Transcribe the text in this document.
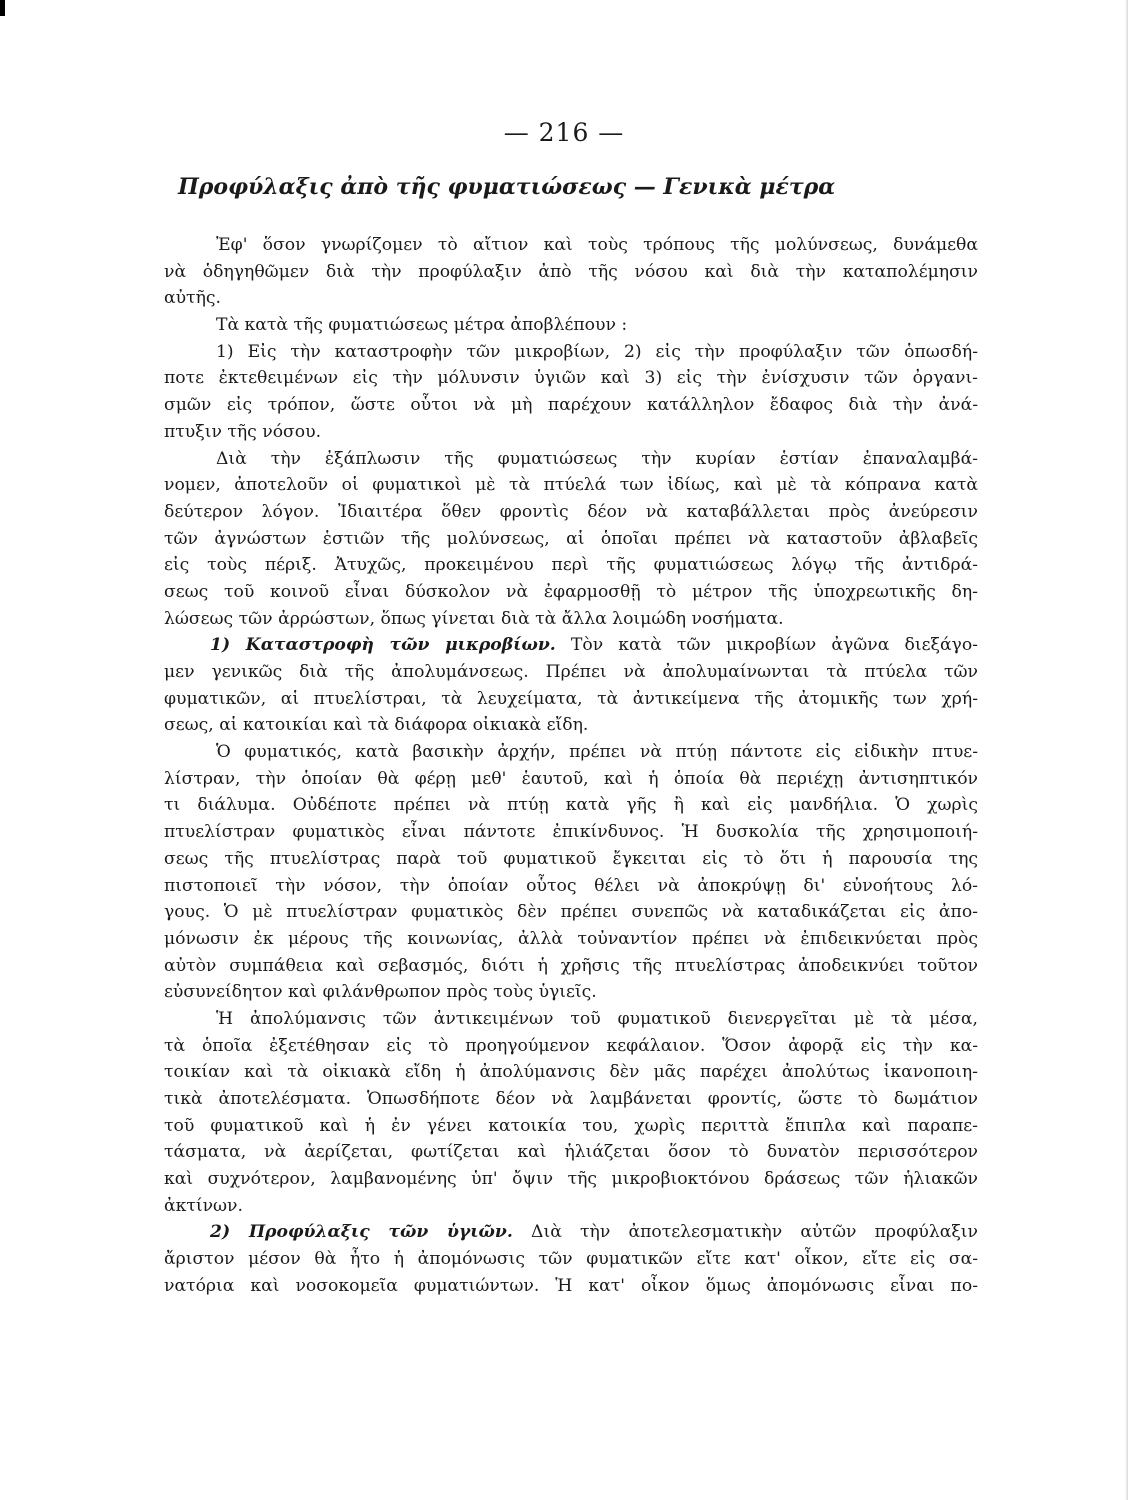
— 216 —
Προφύλαξις ἀπὸ τῆς φυματιώσεως — Γενικὰ μέτρα
Ἐφ' ὅσον γνωρίζομεν τὸ αἴτιον καὶ τοὺς τρόπους τῆς μολύνσεως, δυνάμεθα
νὰ ὁδηγηθῶμεν διὰ τὴν προφύλαξιν ἀπὸ τῆς νόσου καὶ διὰ τὴν καταπολέμησιν
αὐτῆς.
Τὰ κατὰ τῆς φυματιώσεως μέτρα ἀποβλέπουν :
1) Εἰς τὴν καταστροφὴν τῶν μικροβίων, 2) εἰς τὴν προφύλαξιν τῶν ὁπωσδή-
ποτε ἐκτεθειμένων εἰς τὴν μόλυνσιν ὑγιῶν καὶ 3) εἰς τὴν ἐνίσχυσιν τῶν ὀργανι-
σμῶν εἰς τρόπον, ὥστε οὗτοι νὰ μὴ παρέχουν κατάλληλον ἔδαφος διὰ τὴν ἀνά-
πτυξιν τῆς νόσου.
Διὰ τὴν ἐξάπλωσιν τῆς φυματιώσεως τὴν κυρίαν ἑστίαν ἐπαναλαμβά-
νομεν, ἀποτελοῦν οἱ φυματικοὶ μὲ τὰ πτύελά των ἰδίως, καὶ μὲ τὰ κόπρανα κατὰ
δεύτερον λόγον. Ἰδιαιτέρα ὅθεν φροντὶς δέον νὰ καταβάλλεται πρὸς ἀνεύρεσιν
τῶν ἀγνώστων ἑστιῶν τῆς μολύνσεως, αἱ ὁποῖαι πρέπει νὰ καταστοῦν ἀβλαβεῖς
εἰς τοὺς πέριξ. Ἀτυχῶς, προκειμένου περὶ τῆς φυματιώσεως λόγῳ τῆς ἀντιδρά-
σεως τοῦ κοινοῦ εἶναι δύσκολον νὰ ἐφαρμοσθῇ τὸ μέτρον τῆς ὑποχρεωτικῆς δη-
λώσεως τῶν ἀρρώστων, ὅπως γίνεται διὰ τὰ ἄλλα λοιμώδη νοσήματα.
1) Καταστροφὴ τῶν μικροβίων. Τὸν κατὰ τῶν μικροβίων ἀγῶνα διεξάγο-
μεν γενικῶς διὰ τῆς ἀπολυμάνσεως. Πρέπει νὰ ἀπολυμαίνωνται τὰ πτύελα τῶν
φυματικῶν, αἱ πτυελίστραι, τὰ λευχείματα, τὰ ἀντικείμενα τῆς ἀτομικῆς των χρή-
σεως, αἱ κατοικίαι καὶ τὰ διάφορα οἰκιακὰ εἴδη.
Ὁ φυματικός, κατὰ βασικὴν ἀρχήν, πρέπει νὰ πτύῃ πάντοτε εἰς εἰδικὴν πτυε-
λίστραν, τὴν ὁποίαν θὰ φέρῃ μεθ' ἑαυτοῦ, καὶ ἡ ὁποία θὰ περιέχῃ ἀντισηπτικόν
τι διάλυμα. Οὐδέποτε πρέπει νὰ πτύῃ κατὰ γῆς ἢ καὶ εἰς μανδήλια. Ὁ χωρὶς
πτυελίστραν φυματικὸς εἶναι πάντοτε ἐπικίνδυνος. Ἡ δυσκολία τῆς χρησιμοποιή-
σεως τῆς πτυελίστρας παρὰ τοῦ φυματικοῦ ἔγκειται εἰς τὸ ὅτι ἡ παρουσία της
πιστοποιεῖ τὴν νόσον, τὴν ὁποίαν οὗτος θέλει νὰ ἀποκρύψῃ δι' εὐνοήτους λό-
γους. Ὁ μὲ πτυελίστραν φυματικὸς δὲν πρέπει συνεπῶς νὰ καταδικάζεται εἰς ἀπο-
μόνωσιν ἐκ μέρους τῆς κοινωνίας, ἀλλὰ τοὐναντίον πρέπει νὰ ἐπιδεικνύεται πρὸς
αὐτὸν συμπάθεια καὶ σεβασμός, διότι ἡ χρῆσις τῆς πτυελίστρας ἀποδεικνύει τοῦτον
εὐσυνείδητον καὶ φιλάνθρωπον πρὸς τοὺς ὑγιεῖς.
Ἡ ἀπολύμανσις τῶν ἀντικειμένων τοῦ φυματικοῦ διενεργεῖται μὲ τὰ μέσα,
τὰ ὁποῖα ἐξετέθησαν εἰς τὸ προηγούμενον κεφάλαιον. Ὅσον ἀφορᾷ εἰς τὴν κα-
τοικίαν καὶ τὰ οἰκιακὰ εἴδη ἡ ἀπολύμανσις δὲν μᾶς παρέχει ἀπολύτως ἱκανοποιη-
τικὰ ἀποτελέσματα. Ὁπωσδήποτε δέον νὰ λαμβάνεται φροντίς, ὥστε τὸ δωμάτιον
τοῦ φυματικοῦ καὶ ἡ ἐν γένει κατοικία του, χωρὶς περιττὰ ἔπιπλα καὶ παραπε-
τάσματα, νὰ ἀερίζεται, φωτίζεται καὶ ἡλιάζεται ὅσον τὸ δυνατὸν περισσότερον
καὶ συχνότερον, λαμβανομένης ὑπ' ὄψιν τῆς μικροβιοκτόνου δράσεως τῶν ἡλιακῶν
ἀκτίνων.
2) Προφύλαξις τῶν ὑγιῶν. Διὰ τὴν ἀποτελεσματικὴν αὐτῶν προφύλαξιν
ἄριστον μέσον θὰ ἦτο ἡ ἀπομόνωσις τῶν φυματικῶν εἴτε κατ' οἶκον, εἴτε εἰς σα-
νατόρια καὶ νοσοκομεῖα φυματιώντων. Ἡ κατ' οἶκον ὅμως ἀπομόνωσις εἶναι πο-
